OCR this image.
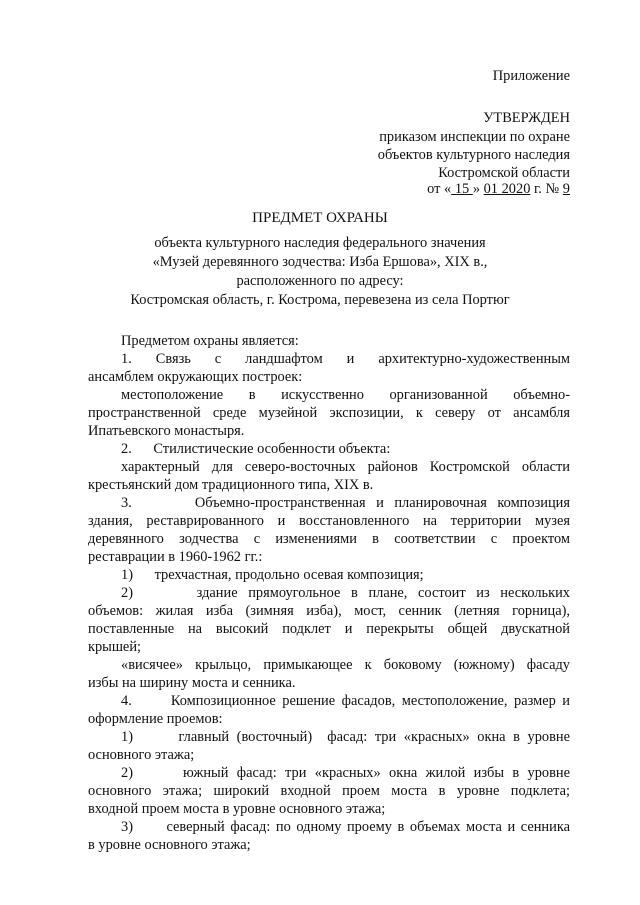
Приложение
УТВЕРЖДЕН
приказом инспекции по охране
объектов культурного наследия
Костромской области
от « 15 » 01 2020 г. № 9
ПРЕДМЕТ ОХРАНЫ
объекта культурного наследия федерального значения
«Музей деревянного зодчества: Изба Ершова», XIX в.,
расположенного по адресу:
Костромская область, г. Кострома, перевезена из села Портюг
Предметом охраны является:
1.      Связь      с      ландшафтом      и      архитектурно-художественным
ансамблем окружающих построек:
местоположение в искусственно организованной объемно-
пространственной среде музейной экспозиции, к северу от ансамбля
Ипатьевского монастыря.
2.      Стилистические особенности объекта:
характерный для северо-восточных районов Костромской области
крестьянский дом традиционного типа, XIX в.
3.      Объемно-пространственная и планировочная композиция
здания, реставрированного и восстановленного на территории музея
деревянного зодчества с изменениями в соответствии с проектом
реставрации в 1960-1962 гг.:
1)      трехчастная, продольно осевая композиция;
2)      здание прямоугольное в плане, состоит из нескольких
объемов: жилая изба (зимняя изба), мост, сенник (летняя горница),
поставленные на высокий подклет и перекрыты общей двускатной
крышей;
«висячее» крыльцо, примыкающее к боковому (южному) фасаду
избы на ширину моста и сенника.
4.      Композиционное решение фасадов, местоположение, размер и
оформление проемов:
1)      главный (восточный)  фасад: три «красных» окна в уровне
основного этажа;
2)      южный фасад: три «красных» окна жилой избы в уровне
основного этажа; широкий входной проем моста в уровне подклета;
входной проем моста в уровне основного этажа;
3)      северный фасад: по одному проему в объемах моста и сенника
в уровне основного этажа;
